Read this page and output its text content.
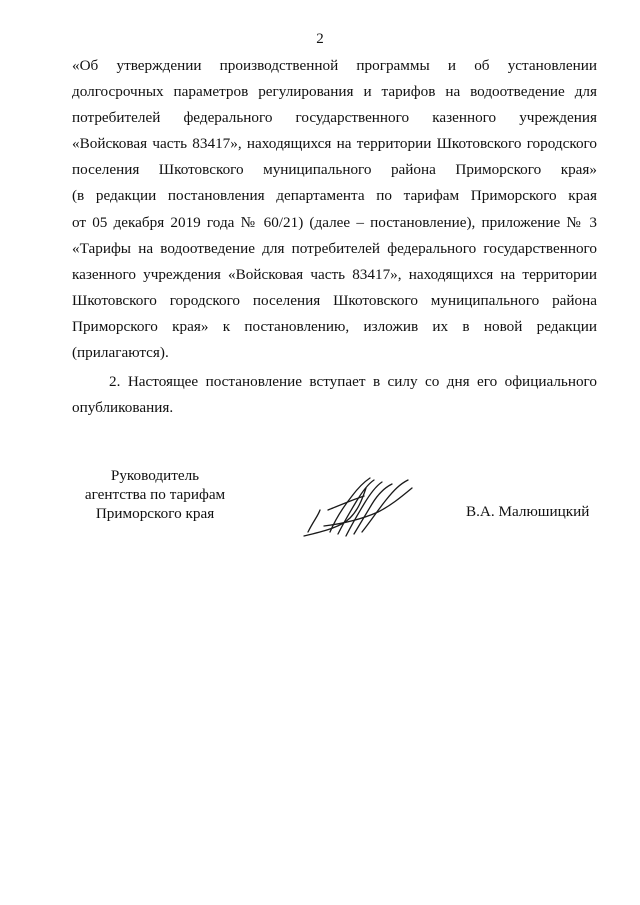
2

«Об утверждении производственной программы и об установлении
долгосрочных параметров регулирования и тарифов на водоотведение для
потребителей федерального государственного казенного учреждения
«Войсковая часть 83417», находящихся на территории Шкотовского городского
поселения Шкотовского муниципального района Приморского края»
(в редакции постановления департамента по тарифам Приморского края
от 05 декабря 2019 года № 60/21) (далее – постановление), приложение № 3
«Тарифы на водоотведение для потребителей федерального государственного
казенного учреждения «Войсковая часть 83417», находящихся на территории
Шкотовского городского поселения Шкотовского муниципального района
Приморского края» к постановлению, изложив их в новой редакции
(прилагаются).

2. Настоящее постановление вступает в силу со дня его официального
опубликования.

Руководитель
агентства по тарифам
Приморского края	В.А. Малюшицкий
